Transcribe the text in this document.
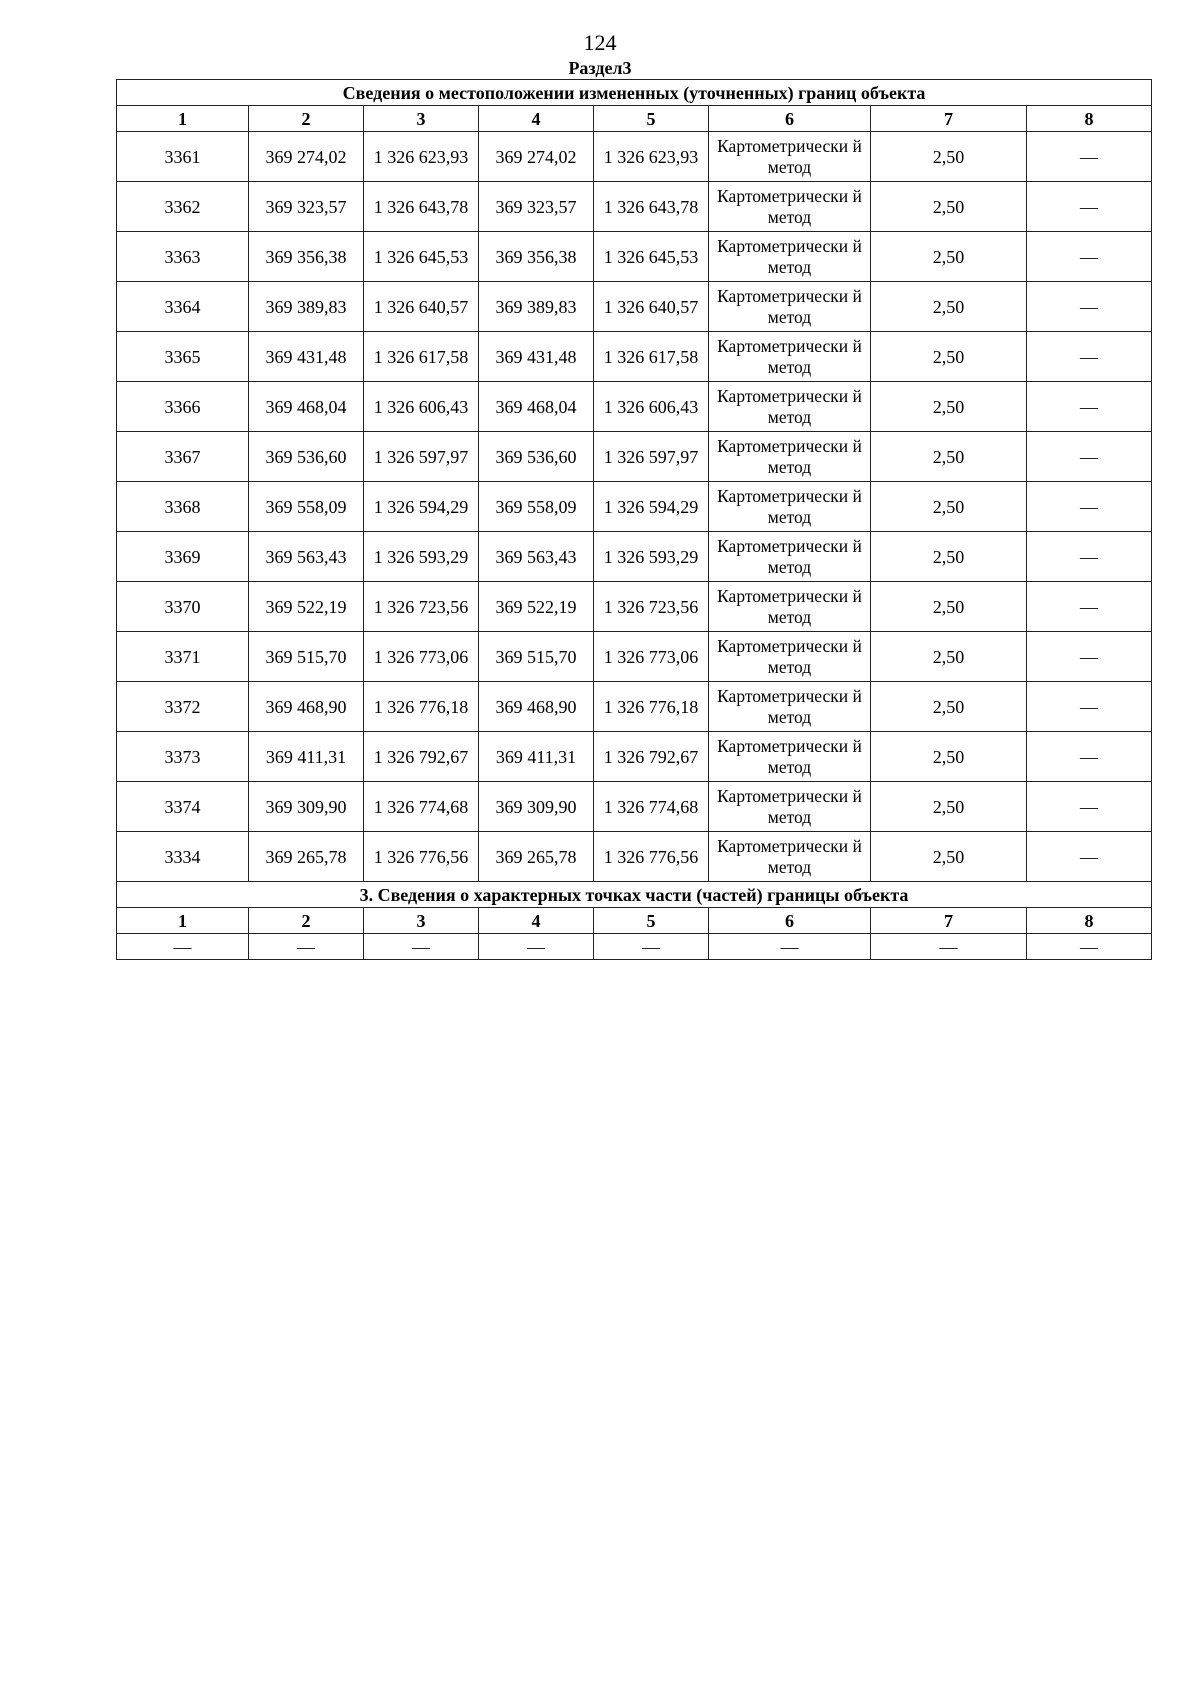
124
Раздел3
Сведения о местоположении измененных (уточненных) границ объекта							
1	2	3	4	5	6	7	8
3361	369 274,02	1 326 623,93	369 274,02	1 326 623,93	Картометрически й метод	2,50	—
3362	369 323,57	1 326 643,78	369 323,57	1 326 643,78	Картометрически й метод	2,50	—
3363	369 356,38	1 326 645,53	369 356,38	1 326 645,53	Картометрически й метод	2,50	—
3364	369 389,83	1 326 640,57	369 389,83	1 326 640,57	Картометрически й метод	2,50	—
3365	369 431,48	1 326 617,58	369 431,48	1 326 617,58	Картометрически й метод	2,50	—
3366	369 468,04	1 326 606,43	369 468,04	1 326 606,43	Картометрически й метод	2,50	—
3367	369 536,60	1 326 597,97	369 536,60	1 326 597,97	Картометрически й метод	2,50	—
3368	369 558,09	1 326 594,29	369 558,09	1 326 594,29	Картометрически й метод	2,50	—
3369	369 563,43	1 326 593,29	369 563,43	1 326 593,29	Картометрически й метод	2,50	—
3370	369 522,19	1 326 723,56	369 522,19	1 326 723,56	Картометрически й метод	2,50	—
3371	369 515,70	1 326 773,06	369 515,70	1 326 773,06	Картометрически й метод	2,50	—
3372	369 468,90	1 326 776,18	369 468,90	1 326 776,18	Картометрически й метод	2,50	—
3373	369 411,31	1 326 792,67	369 411,31	1 326 792,67	Картометрически й метод	2,50	—
3374	369 309,90	1 326 774,68	369 309,90	1 326 774,68	Картометрически й метод	2,50	—
3334	369 265,78	1 326 776,56	369 265,78	1 326 776,56	Картометрически й метод	2,50	—
3. Сведения о характерных точках части (частей) границы объекта							
1	2	3	4	5	6	7	8
—	—	—	—	—	—	—	—
